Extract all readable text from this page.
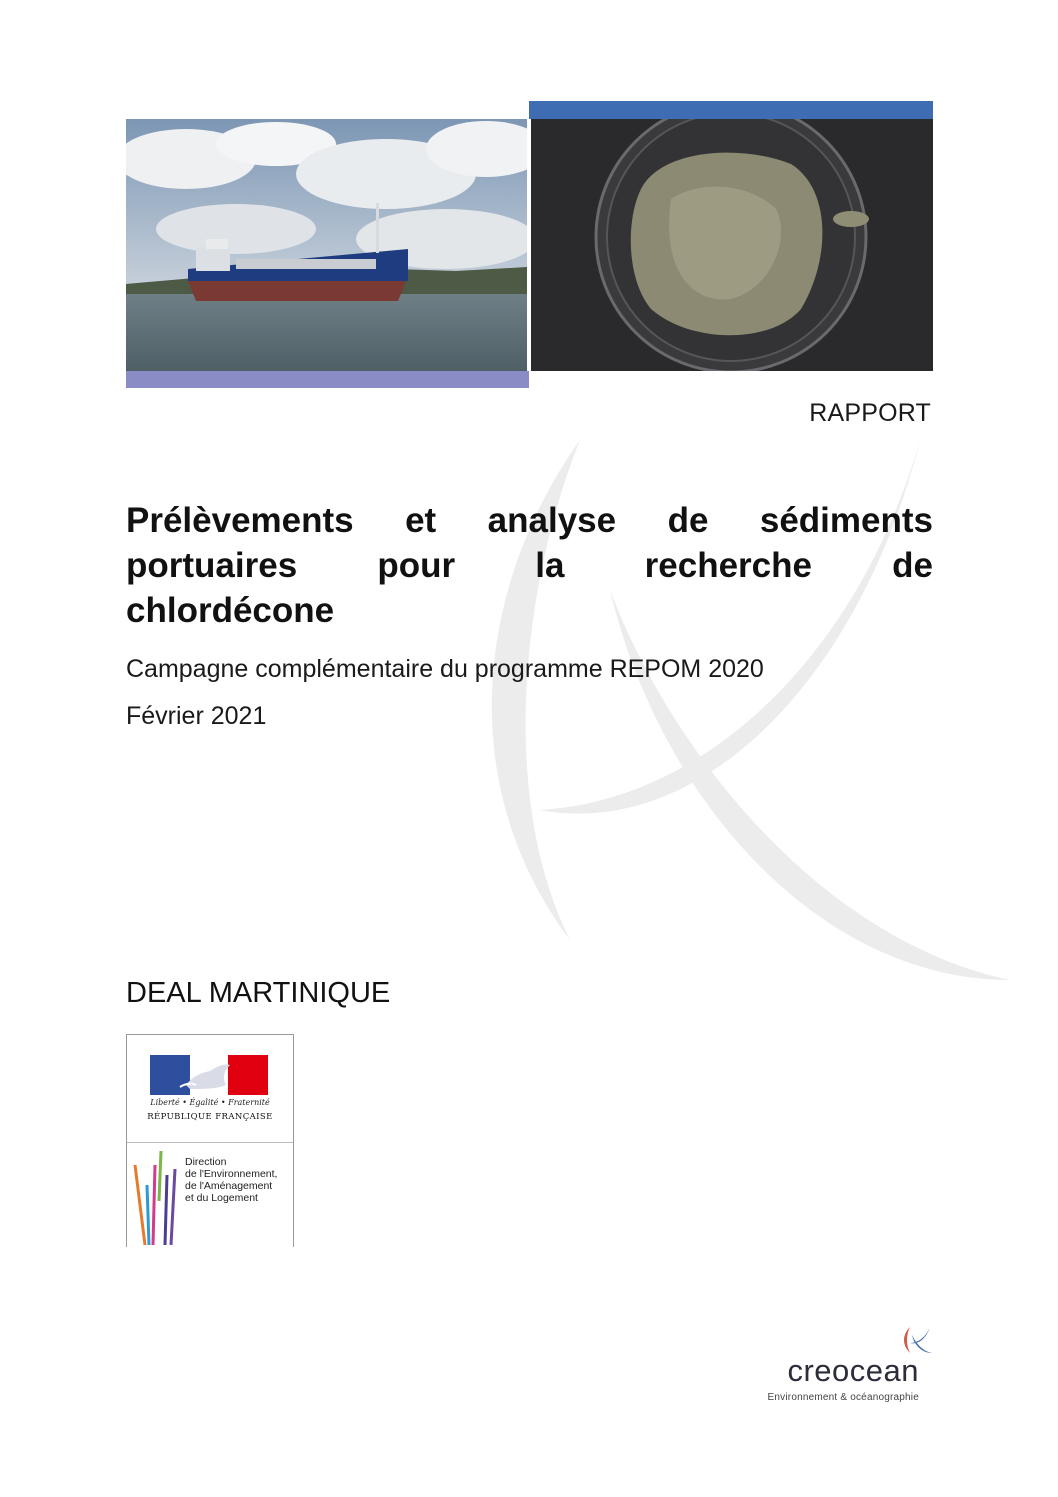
RAPPORT
Prélèvements et analyse de sédiments
portuaires pour la recherche de
chlordécone
Campagne complémentaire du programme REPOM 2020
Février 2021
DEAL MARTINIQUE
Liberté • Égalité • Fraternité
RÉPUBLIQUE FRANÇAISE
Direction
de l'Environnement,
de l'Aménagement
et du Logement
creocean
Environnement & océanographie
